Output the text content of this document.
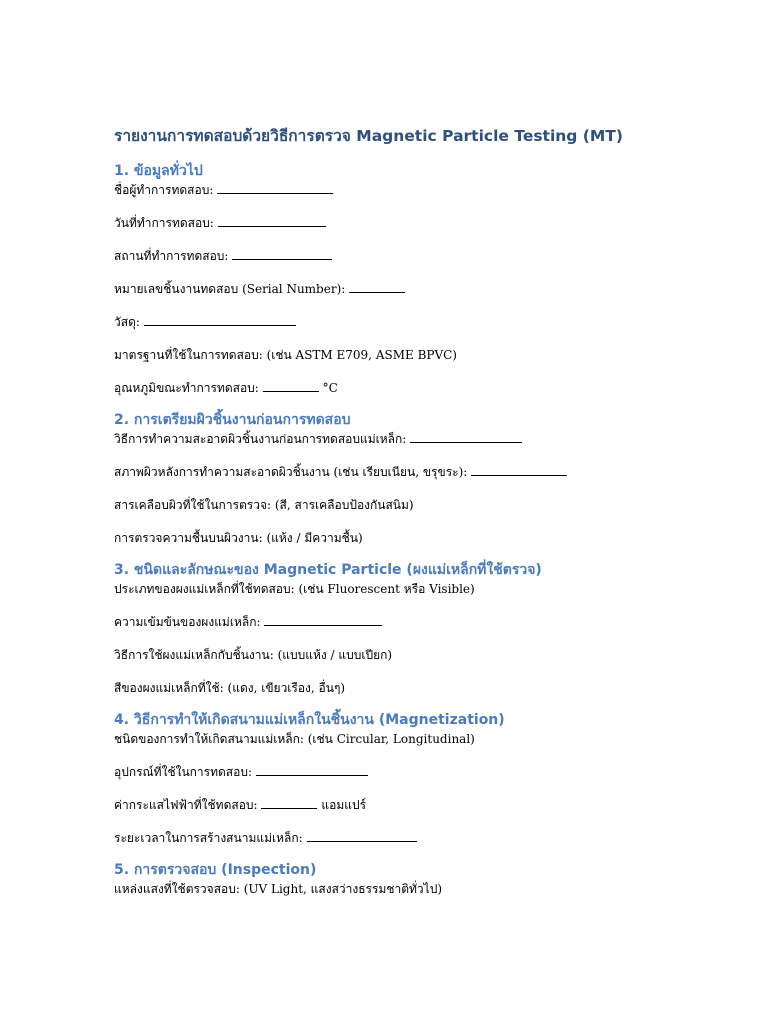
รายงานการทดสอบด้วยวิธีการตรวจ Magnetic Particle Testing (MT)
1. ข้อมูลทั่วไป
ชื่อผู้ทำการทดสอบ:
วันที่ทำการทดสอบ:
สถานที่ทำการทดสอบ:
หมายเลขชิ้นงานทดสอบ (Serial Number):
วัสดุ:
มาตรฐานที่ใช้ในการทดสอบ: (เช่น ASTM E709, ASME BPVC)
อุณหภูมิขณะทำการทดสอบ:	°C
2. การเตรียมผิวชิ้นงานก่อนการทดสอบ
วิธีการทำความสะอาดผิวชิ้นงานก่อนการทดสอบแม่เหล็ก:
สภาพผิวหลังการทำความสะอาดผิวชิ้นงาน (เช่น เรียบเนียน, ขรุขระ):
สารเคลือบผิวที่ใช้ในการตรวจ: (สี, สารเคลือบป้องกันสนิม)
การตรวจความชื้นบนผิวงาน: (แห้ง / มีความชื้น)
3. ชนิดและลักษณะของ Magnetic Particle (ผงแม่เหล็กที่ใช้ตรวจ)
ประเภทของผงแม่เหล็กที่ใช้ทดสอบ: (เช่น Fluorescent หรือ Visible)
ความเข้มข้นของผงแม่เหล็ก:
วิธีการใช้ผงแม่เหล็กกับชิ้นงาน: (แบบแห้ง / แบบเปียก)
สีของผงแม่เหล็กที่ใช้: (แดง, เขียวเรือง, อื่นๆ)
4. วิธีการทำให้เกิดสนามแม่เหล็กในชิ้นงาน (Magnetization)
ชนิดของการทำให้เกิดสนามแม่เหล็ก: (เช่น Circular, Longitudinal)
อุปกรณ์ที่ใช้ในการทดสอบ:
ค่ากระแสไฟฟ้าที่ใช้ทดสอบ:	แอมแปร์
ระยะเวลาในการสร้างสนามแม่เหล็ก:
5. การตรวจสอบ (Inspection)
แหล่งแสงที่ใช้ตรวจสอบ: (UV Light, แสงสว่างธรรมชาติทั่วไป)
